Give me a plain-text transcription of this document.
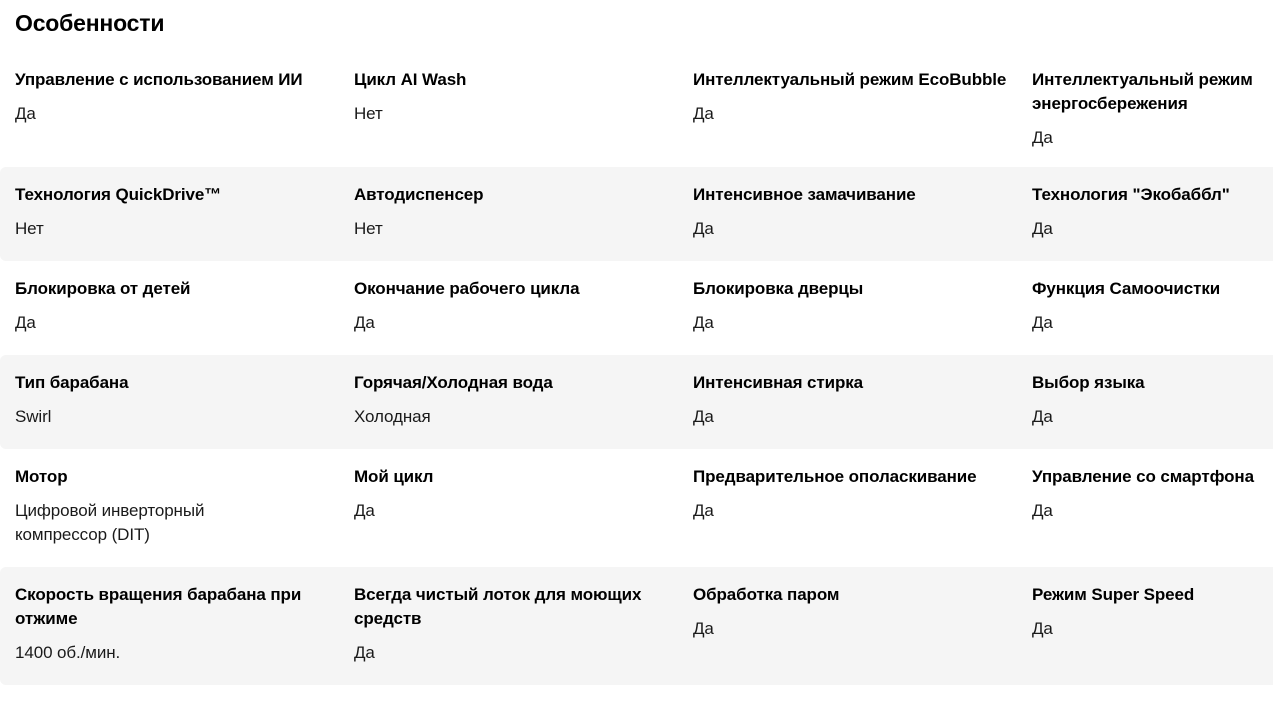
Особенности
Управление с использованием ИИ
Да
Цикл AI Wash
Нет
Интеллектуальный режим EcoBubble
Да
Интеллектуальный режим энергосбережения
Да
Технология QuickDrive™
Нет
Автодиспенсер
Нет
Интенсивное замачивание
Да
Технология "Экобаббл"
Да
Блокировка от детей
Да
Окончание рабочего цикла
Да
Блокировка дверцы
Да
Функция Самоочистки
Да
Тип барабана
Swirl
Горячая/Холодная вода
Холодная
Интенсивная стирка
Да
Выбор языка
Да
Мотор
Цифровой инверторный компрессор (DIT)
Мой цикл
Да
Предварительное ополаскивание
Да
Управление со смартфона
Да
Скорость вращения барабана при отжиме
1400 об./мин.
Всегда чистый лоток для моющих средств
Да
Обработка паром
Да
Режим Super Speed
Да
